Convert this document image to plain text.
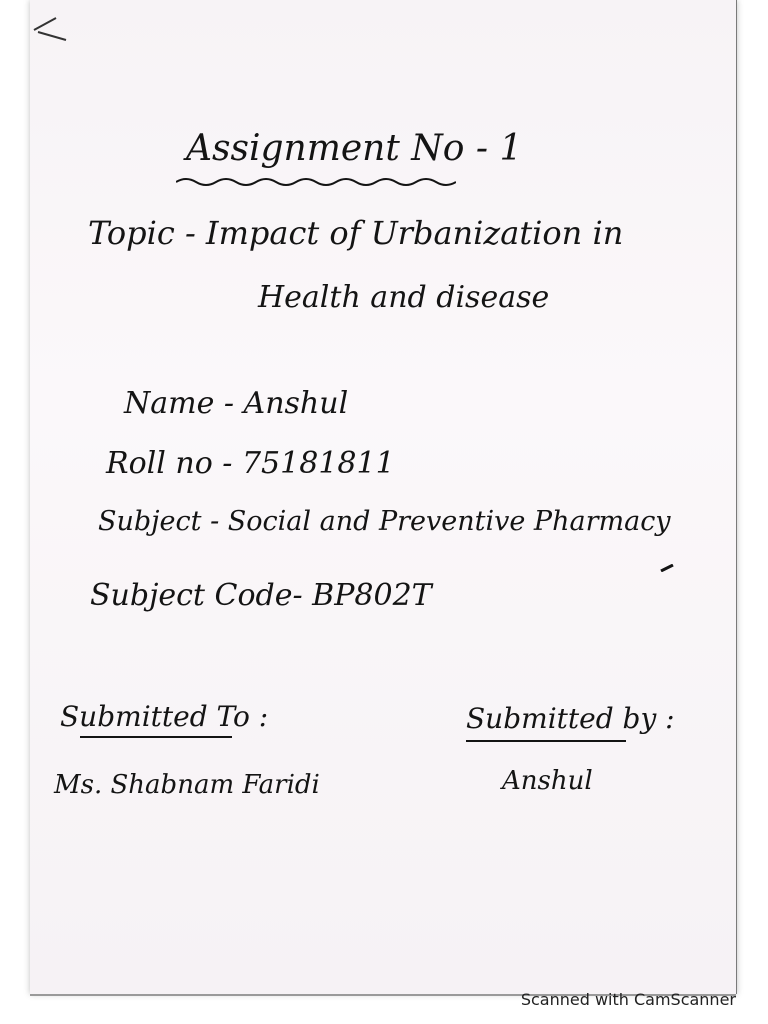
Assignment No - 1
Topic - Impact of Urbanization in
Health and disease
Name - Anshul
Roll no - 75181811
Subject - Social and Preventive Pharmacy
Subject Code- BP802T
Submitted To :	Submitted by :
Ms. Shabnam Faridi	Anshul
Scanned with CamScanner
